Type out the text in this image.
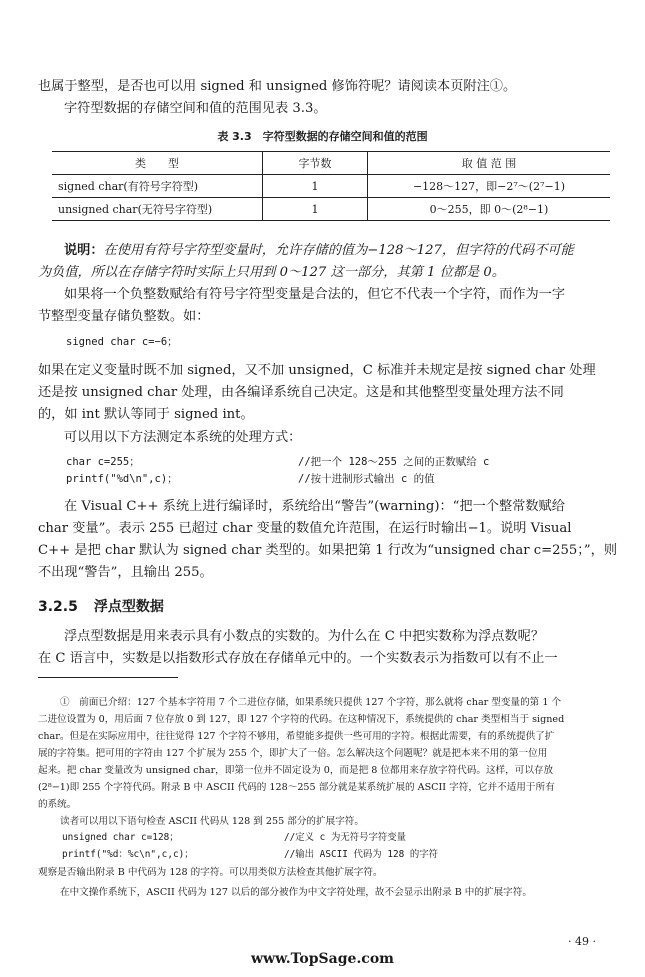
也属于整型，是否也可以用 signed 和 unsigned 修饰符呢？请阅读本页附注①。
字符型数据的存储空间和值的范围见表 3.3。
表 3.3　字符型数据的存储空间和值的范围
类　　型	字节数	取 值 范 围
signed char(有符号字符型)	1	−128～127，即−2⁷～(2⁷−1)
unsigned char(无符号字符型)	1	0～255，即 0～(2⁸−1)
说明：在使用有符号字符型变量时，允许存储的值为−128～127，但字符的代码不可能
为负值，所以在存储字符时实际上只用到 0～127 这一部分，其第 1 位都是 0。
如果将一个负整数赋给有符号字符型变量是合法的，但它不代表一个字符，而作为一字
节整型变量存储负整数。如：
signed char c=−6；
如果在定义变量时既不加 signed，又不加 unsigned，C 标准并未规定是按 signed char 处理
还是按 unsigned char 处理，由各编译系统自己决定。这是和其他整型变量处理方法不同
的，如 int 默认等同于 signed int。
可以用以下方法测定本系统的处理方式：
char c=255；	//把一个 128～255 之间的正数赋给 c
printf("%d\n",c)；	//按十进制形式输出 c 的值
在 Visual C++ 系统上进行编译时，系统给出“警告”(warning)：“把一个整常数赋给
char 变量”。表示 255 已超过 char 变量的数值允许范围，在运行时输出−1。说明 Visual
C++ 是把 char 默认为 signed char 类型的。如果把第 1 行改为“unsigned char c=255；”，则
不出现“警告”，且输出 255。
3.2.5 浮点型数据
浮点型数据是用来表示具有小数点的实数的。为什么在 C 中把实数称为浮点数呢？
在 C 语言中，实数是以指数形式存放在存储单元中的。一个实数表示为指数可以有不止一
①　前面已介绍：127 个基本字符用 7 个二进位存储，如果系统只提供 127 个字符，那么就将 char 型变量的第 1 个
二进位设置为 0，用后面 7 位存放 0 到 127，即 127 个字符的代码。在这种情况下，系统提供的 char 类型相当于 signed
char。但是在实际应用中，往往觉得 127 个字符不够用，希望能多提供一些可用的字符。根据此需要，有的系统提供了扩
展的字符集。把可用的字符由 127 个扩展为 255 个，即扩大了一倍。怎么解决这个问题呢？就是把本来不用的第一位用
起来。把 char 变量改为 unsigned char，即第一位并不固定设为 0，而是把 8 位都用来存放字符代码。这样，可以存放
(2⁸−1)即 255 个字符代码。附录 B 中 ASCII 代码的 128～255 部分就是某系统扩展的 ASCII 字符，它并不适用于所有
的系统。
读者可以用以下语句检查 ASCII 代码从 128 到 255 部分的扩展字符。
unsigned char c=128；	//定义 c 为无符号字符变量
printf("%d：%c\n",c,c)；	//输出 ASCII 代码为 128 的字符
观察是否输出附录 B 中代码为 128 的字符。可以用类似方法检查其他扩展字符。
在中文操作系统下，ASCII 代码为 127 以后的部分被作为中文字符处理，故不会显示出附录 B 中的扩展字符。
· 49 ·
www.TopSage.com
